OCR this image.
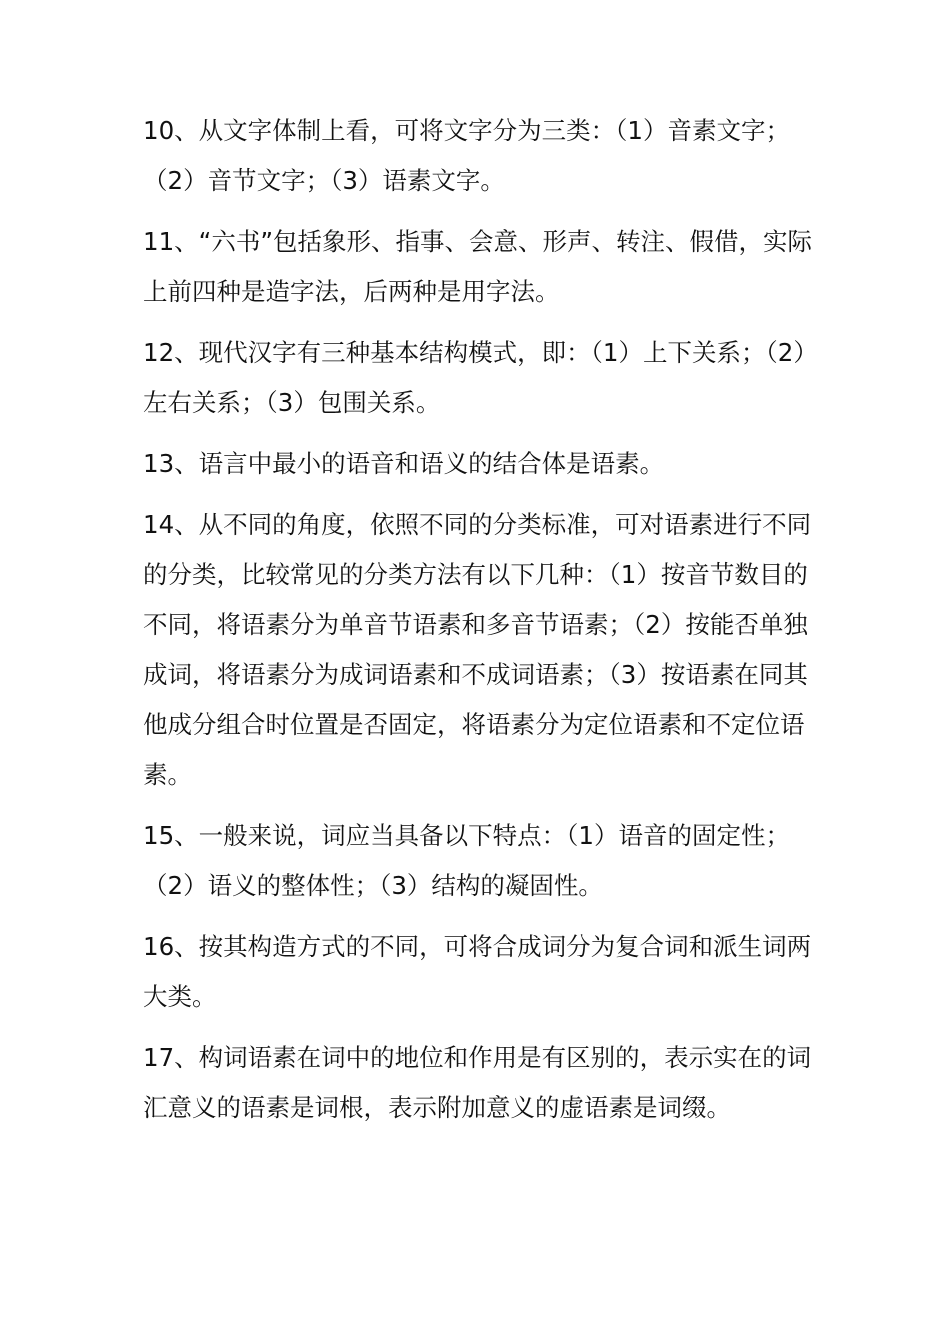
10、从文字体制上看，可将文字分为三类：（1）音素文字；（2）音节文字；（3）语素文字。

11、“六书”包括象形、指事、会意、形声、转注、假借，实际上前四种是造字法，后两种是用字法。

12、现代汉字有三种基本结构模式，即：（1）上下关系；（2）左右关系；（3）包围关系。

13、语言中最小的语音和语义的结合体是语素。

14、从不同的角度，依照不同的分类标准，可对语素进行不同的分类，比较常见的分类方法有以下几种：（1）按音节数目的不同，将语素分为单音节语素和多音节语素；（2）按能否单独成词，将语素分为成词语素和不成词语素；（3）按语素在同其他成分组合时位置是否固定，将语素分为定位语素和不定位语素。

15、一般来说，词应当具备以下特点：（1）语音的固定性；（2）语义的整体性；（3）结构的凝固性。

16、按其构造方式的不同，可将合成词分为复合词和派生词两大类。

17、构词语素在词中的地位和作用是有区别的，表示实在的词汇意义的语素是词根，表示附加意义的虚语素是词缀。
